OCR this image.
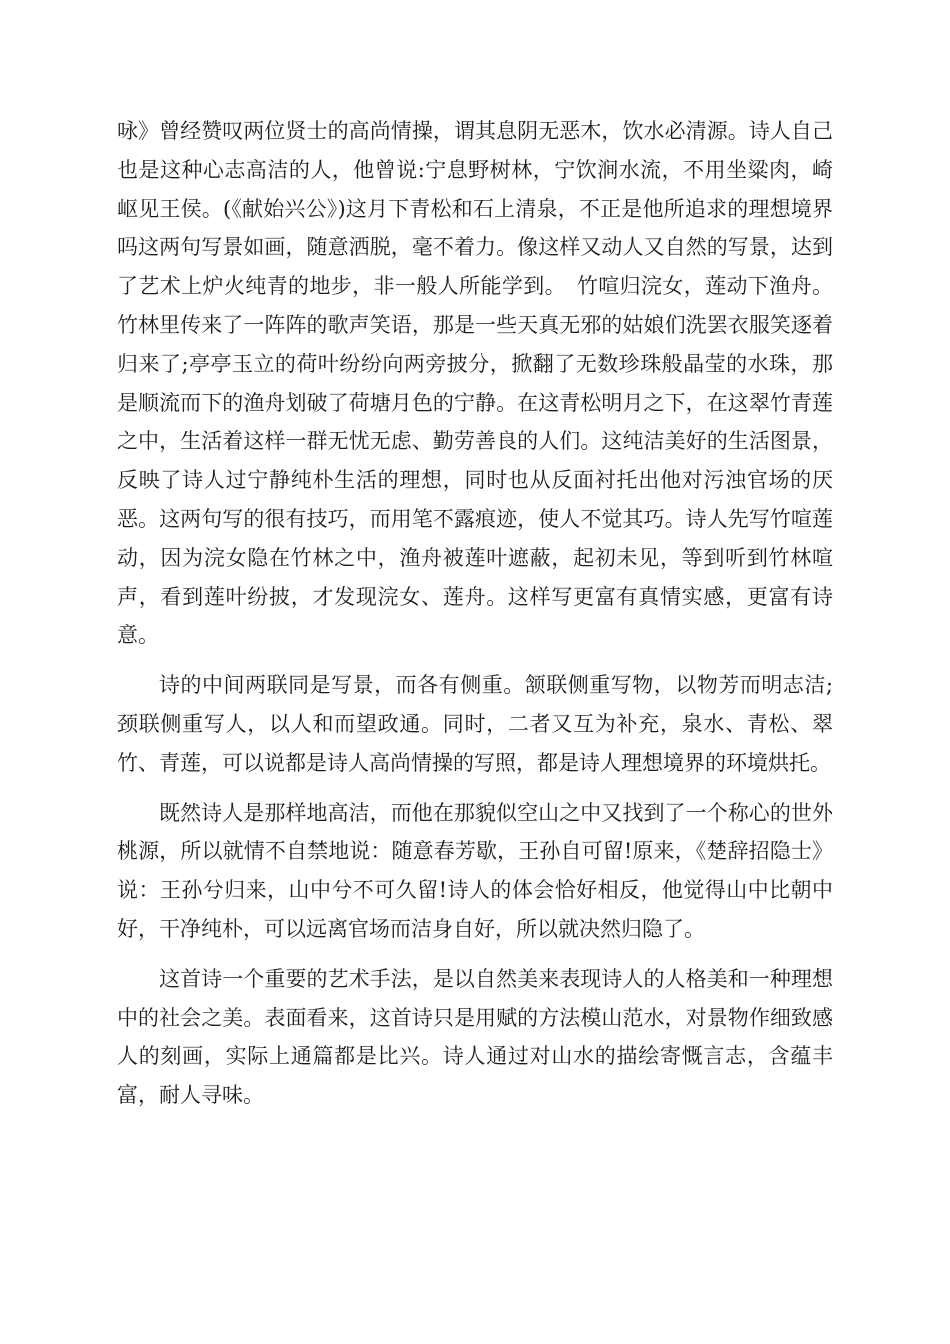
咏》曾经赞叹两位贤士的高尚情操，谓其息阴无恶木，饮水必清源。诗人自己也是这种心志高洁的人，他曾说:宁息野树林，宁饮涧水流，不用坐粱肉，崎岖见王侯。(《献始兴公》)这月下青松和石上清泉，不正是他所追求的理想境界吗这两句写景如画，随意洒脱，毫不着力。像这样又动人又自然的写景，达到了艺术上炉火纯青的地步，非一般人所能学到。　竹喧归浣女，莲动下渔舟。竹林里传来了一阵阵的歌声笑语，那是一些天真无邪的姑娘们洗罢衣服笑逐着归来了;亭亭玉立的荷叶纷纷向两旁披分，掀翻了无数珍珠般晶莹的水珠，那是顺流而下的渔舟划破了荷塘月色的宁静。在这青松明月之下，在这翠竹青莲之中，生活着这样一群无忧无虑、勤劳善良的人们。这纯洁美好的生活图景，反映了诗人过宁静纯朴生活的理想，同时也从反面衬托出他对污浊官场的厌恶。这两句写的很有技巧，而用笔不露痕迹，使人不觉其巧。诗人先写竹喧莲动，因为浣女隐在竹林之中，渔舟被莲叶遮蔽，起初未见，等到听到竹林喧声，看到莲叶纷披，才发现浣女、莲舟。这样写更富有真情实感，更富有诗意。

诗的中间两联同是写景，而各有侧重。颔联侧重写物，以物芳而明志洁;颈联侧重写人，以人和而望政通。同时，二者又互为补充，泉水、青松、翠竹、青莲，可以说都是诗人高尚情操的写照，都是诗人理想境界的环境烘托。

既然诗人是那样地高洁，而他在那貌似空山之中又找到了一个称心的世外桃源，所以就情不自禁地说：随意春芳歇，王孙自可留!原来，《楚辞招隐士》说：王孙兮归来，山中兮不可久留!诗人的体会恰好相反，他觉得山中比朝中好，干净纯朴，可以远离官场而洁身自好，所以就决然归隐了。

这首诗一个重要的艺术手法，是以自然美来表现诗人的人格美和一种理想中的社会之美。表面看来，这首诗只是用赋的方法模山范水，对景物作细致感人的刻画，实际上通篇都是比兴。诗人通过对山水的描绘寄慨言志，含蕴丰富，耐人寻味。
